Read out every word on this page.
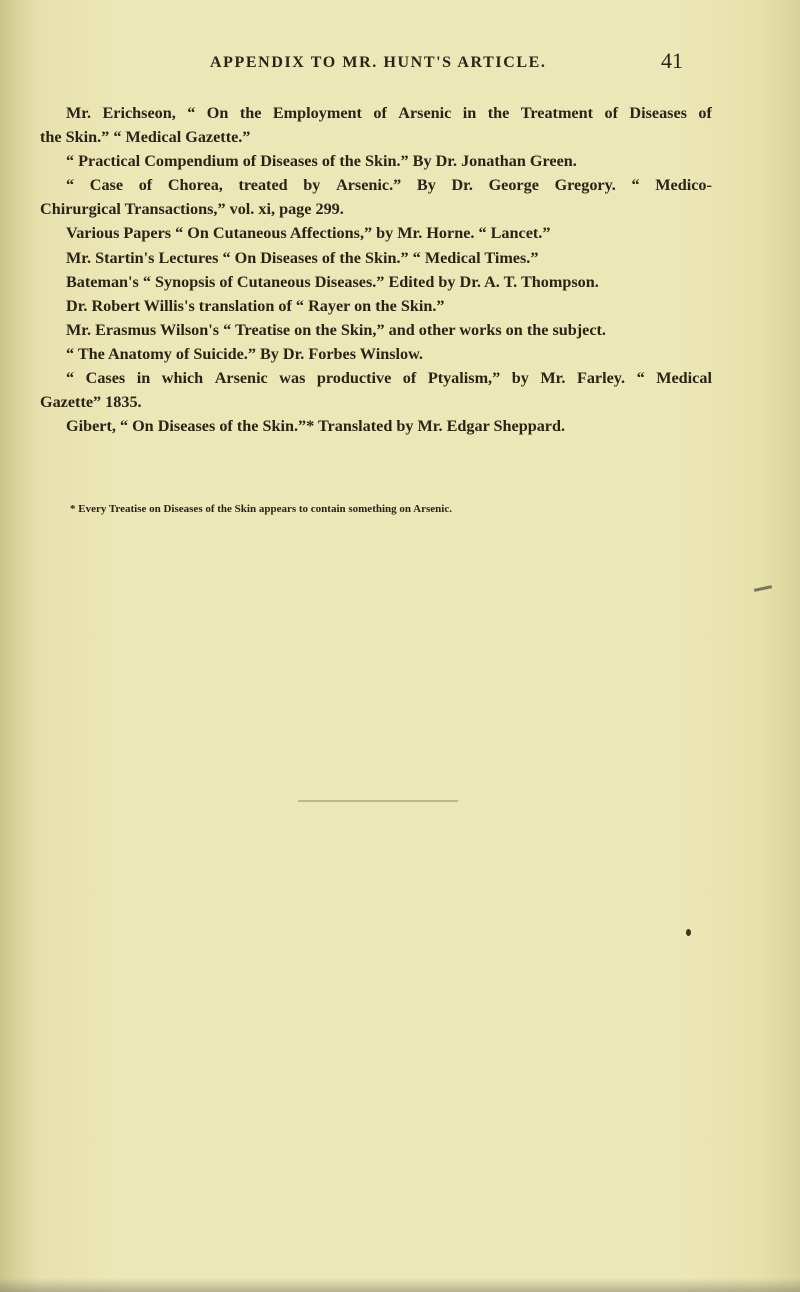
APPENDIX TO MR. HUNT'S ARTICLE.	41
Mr. Erichseon, “ On the Employment of Arsenic in the Treatment of Diseases of
the Skin.” “ Medical Gazette.”
“ Practical Compendium of Diseases of the Skin.” By Dr. Jonathan Green.
“ Case of Chorea, treated by Arsenic.” By Dr. George Gregory. “ Medico-
Chirurgical Transactions,” vol. xi, page 299.
Various Papers “ On Cutaneous Affections,” by Mr. Horne. “ Lancet.”
Mr. Startin's Lectures “ On Diseases of the Skin.” “ Medical Times.”
Bateman's “ Synopsis of Cutaneous Diseases.” Edited by Dr. A. T. Thompson.
Dr. Robert Willis's translation of “ Rayer on the Skin.”
Mr. Erasmus Wilson's “ Treatise on the Skin,” and other works on the subject.
“ The Anatomy of Suicide.” By Dr. Forbes Winslow.
“ Cases in which Arsenic was productive of Ptyalism,” by Mr. Farley. “ Medical
Gazette” 1835.
Gibert, “ On Diseases of the Skin.”* Translated by Mr. Edgar Sheppard.
* Every Treatise on Diseases of the Skin appears to contain something on Arsenic.
